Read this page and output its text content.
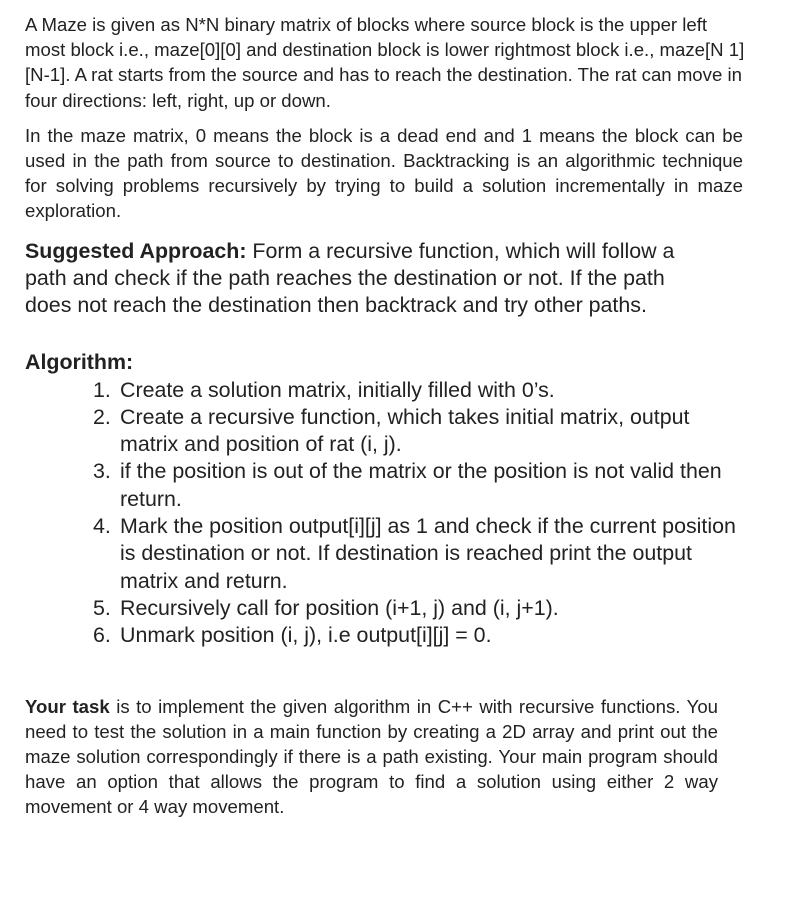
A Maze is given as N*N binary matrix of blocks where source block is the upper left most block i.e., maze[0][0] and destination block is lower rightmost block i.e., maze[N 1][N-1]. A rat starts from the source and has to reach the destination. The rat can move in four directions: left, right, up or down.

In the maze matrix, 0 means the block is a dead end and 1 means the block can be used in the path from source to destination. Backtracking is an algorithmic technique for solving problems recursively by trying to build a solution incrementally in maze exploration.

Suggested Approach: Form a recursive function, which will follow a path and check if the path reaches the destination or not. If the path does not reach the destination then backtrack and try other paths.

Algorithm:

1. Create a solution matrix, initially filled with 0’s.
2. Create a recursive function, which takes initial matrix, output matrix and position of rat (i, j).
3. if the position is out of the matrix or the position is not valid then return.
4. Mark the position output[i][j] as 1 and check if the current position is destination or not. If destination is reached print the output matrix and return.
5. Recursively call for position (i+1, j) and (i, j+1).
6. Unmark position (i, j), i.e output[i][j] = 0.

Your task is to implement the given algorithm in C++ with recursive functions. You need to test the solution in a main function by creating a 2D array and print out the maze solution correspondingly if there is a path existing. Your main program should have an option that allows the program to find a solution using either 2 way movement or 4 way movement.
